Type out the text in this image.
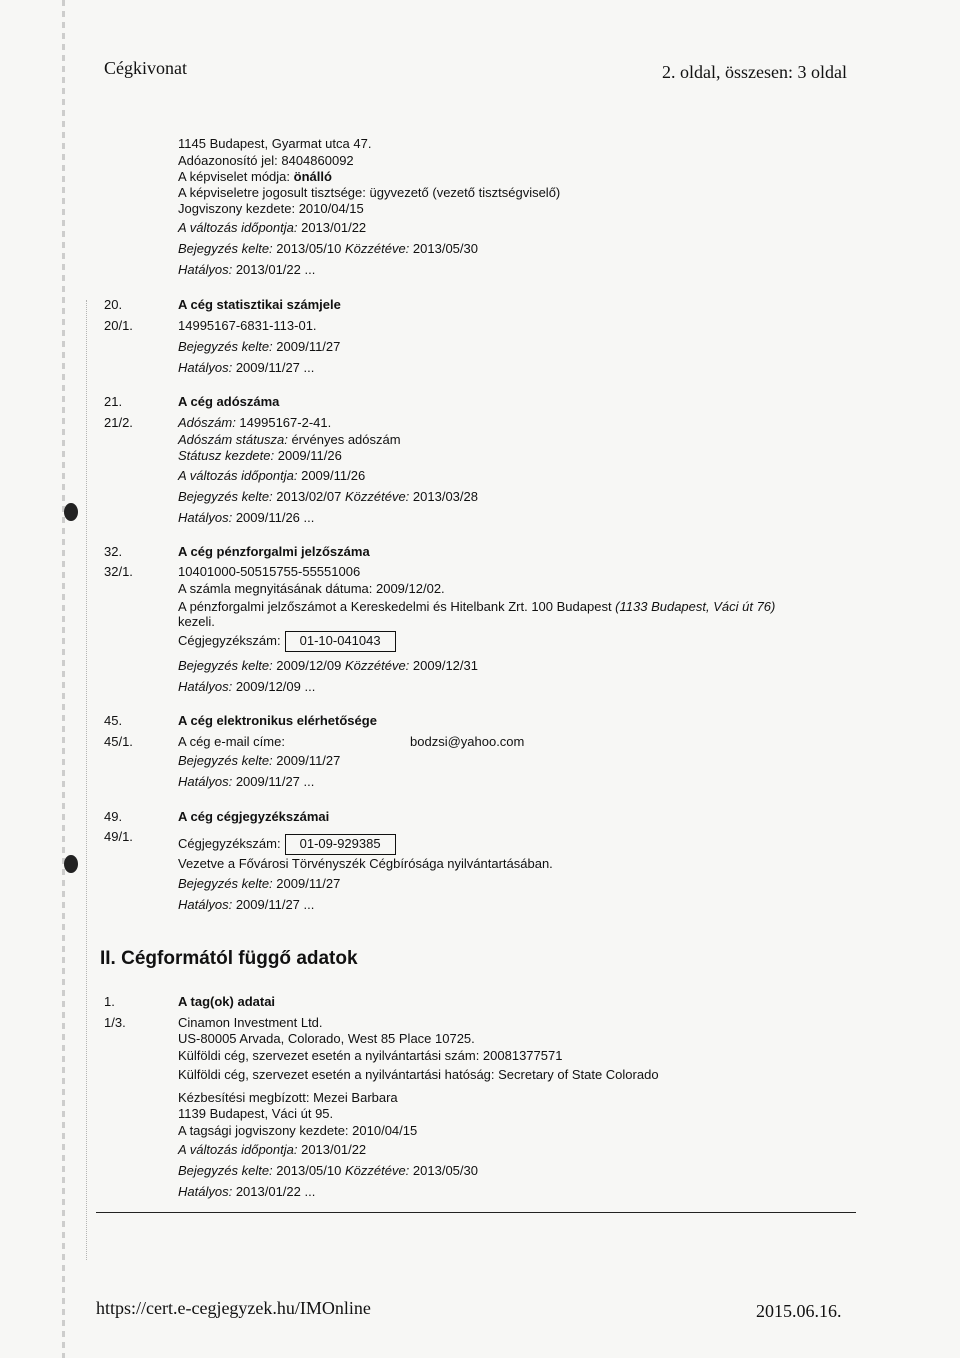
Cégkivonat	2. oldal, összesen: 3 oldal
1145 Budapest, Gyarmat utca 47.
Adóazonosító jel: 8404860092
A képviselet módja: önálló
A képviseletre jogosult tisztsége: ügyvezető (vezető tisztségviselő)
Jogviszony kezdete: 2010/04/15
A változás időpontja: 2013/01/22
Bejegyzés kelte: 2013/05/10 Közzétéve: 2013/05/30
Hatályos: 2013/01/22 ...
20.	A cég statisztikai számjele
20/1.	14995167-6831-113-01.
Bejegyzés kelte: 2009/11/27
Hatályos: 2009/11/27 ...
21.	A cég adószáma
21/2.	Adószám: 14995167-2-41.
Adószám státusza: érvényes adószám
Státusz kezdete: 2009/11/26
A változás időpontja: 2009/11/26
Bejegyzés kelte: 2013/02/07 Közzétéve: 2013/03/28
Hatályos: 2009/11/26 ...
32.	A cég pénzforgalmi jelzőszáma
32/1.	10401000-50515755-55551006
A számla megnyitásának dátuma: 2009/12/02.
A pénzforgalmi jelzőszámot a Kereskedelmi és Hitelbank Zrt. 100 Budapest (1133 Budapest, Váci út 76)
kezeli.
Cégjegyzékszám: 01-10-041043
Bejegyzés kelte: 2009/12/09 Közzétéve: 2009/12/31
Hatályos: 2009/12/09 ...
45.	A cég elektronikus elérhetősége
45/1.	A cég e-mail címe:	bodzsi@yahoo.com
Bejegyzés kelte: 2009/11/27
Hatályos: 2009/11/27 ...
49.	A cég cégjegyzékszámai
49/1.	Cégjegyzékszám: 01-09-929385
Vezetve a Fővárosi Törvényszék Cégbírósága nyilvántartásában.
Bejegyzés kelte: 2009/11/27
Hatályos: 2009/11/27 ...
II. Cégformától függő adatok
1.	A tag(ok) adatai
1/3.	Cinamon Investment Ltd.
US-80005 Arvada, Colorado, West 85 Place 10725.
Külföldi cég, szervezet esetén a nyilvántartási szám: 20081377571
Külföldi cég, szervezet esetén a nyilvántartási hatóság: Secretary of State Colorado
Kézbesítési megbízott: Mezei Barbara
1139 Budapest, Váci út 95.
A tagsági jogviszony kezdete: 2010/04/15
A változás időpontja: 2013/01/22
Bejegyzés kelte: 2013/05/10 Közzétéve: 2013/05/30
Hatályos: 2013/01/22 ...
https://cert.e-cegjegyzek.hu/IMOnline	2015.06.16.
